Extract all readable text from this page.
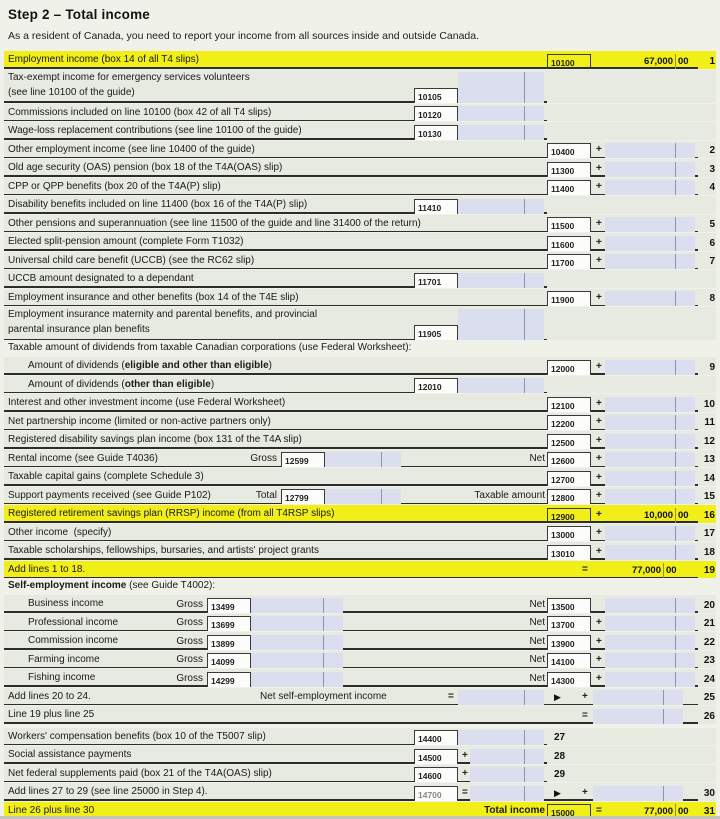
Step 2 – Total income
As a resident of Canada, you need to report your income from all sources inside and outside Canada.
Employment income (box 14 of all T4 slips)	10100	67,000 00	1
Tax-exempt income for emergency services volunteers
(see line 10100 of the guide)	10105
Commissions included on line 10100 (box 42 of all T4 slips)	10120
Wage-loss replacement contributions (see line 10100 of the guide)	10130
Other employment income (see line 10400 of the guide)	10400	+	2
Old age security (OAS) pension (box 18 of the T4A(OAS) slip)	11300	+	3
CPP or QPP benefits (box 20 of the T4A(P) slip)	11400	+	4
Disability benefits included on line 11400 (box 16 of the T4A(P) slip)	11410
Other pensions and superannuation (see line 11500 of the guide and line 31400 of the return)	11500	+	5
Elected split-pension amount (complete Form T1032)	11600	+	6
Universal child care benefit (UCCB) (see the RC62 slip)	11700	+	7
UCCB amount designated to a dependant	11701
Employment insurance and other benefits (box 14 of the T4E slip)	11900	+	8
Employment insurance maternity and parental benefits, and provincial
parental insurance plan benefits	11905
Taxable amount of dividends from taxable Canadian corporations (use Federal Worksheet):
Amount of dividends (eligible and other than eligible)	12000	+	9
Amount of dividends (other than eligible)	12010
Interest and other investment income (use Federal Worksheet)	12100	+	10
Net partnership income (limited or non-active partners only)	12200	+	11
Registered disability savings plan income (box 131 of the T4A slip)	12500	+	12
Rental income (see Guide T4036)	Gross 12599	Net 12600	+	13
Taxable capital gains (complete Schedule 3)	12700	+	14
Support payments received (see Guide P102)	Total 12799	Taxable amount 12800	+	15
Registered retirement savings plan (RRSP) income (from all T4RSP slips)	12900	+	10,000 00	16
Other income  (specify)	13000	+	17
Taxable scholarships, fellowships, bursaries, and artists' project grants	13010	+	18
Add lines 1 to 18.	=	77,000 00	19
Self-employment income (see Guide T4002):
Business income	Gross 13499	Net 13500	20
Professional income	Gross 13699	Net 13700	+	21
Commission income	Gross 13899	Net 13900	+	22
Farming income	Gross 14099	Net 14100	+	23
Fishing income	Gross 14299	Net 14300	+	24
Add lines 20 to 24.	Net self-employment income	=	▶ +	25
Line 19 plus line 25	=	26
Workers' compensation benefits (box 10 of the T5007 slip)	14400	27
Social assistance payments	14500	+	28
Net federal supplements paid (box 21 of the T4A(OAS) slip)	14600	+	29
Add lines 27 to 29 (see line 25000 in Step 4).	14700	=	▶ +	30
Line 26 plus line 30	Total income 15000	=	77,000 00	31
